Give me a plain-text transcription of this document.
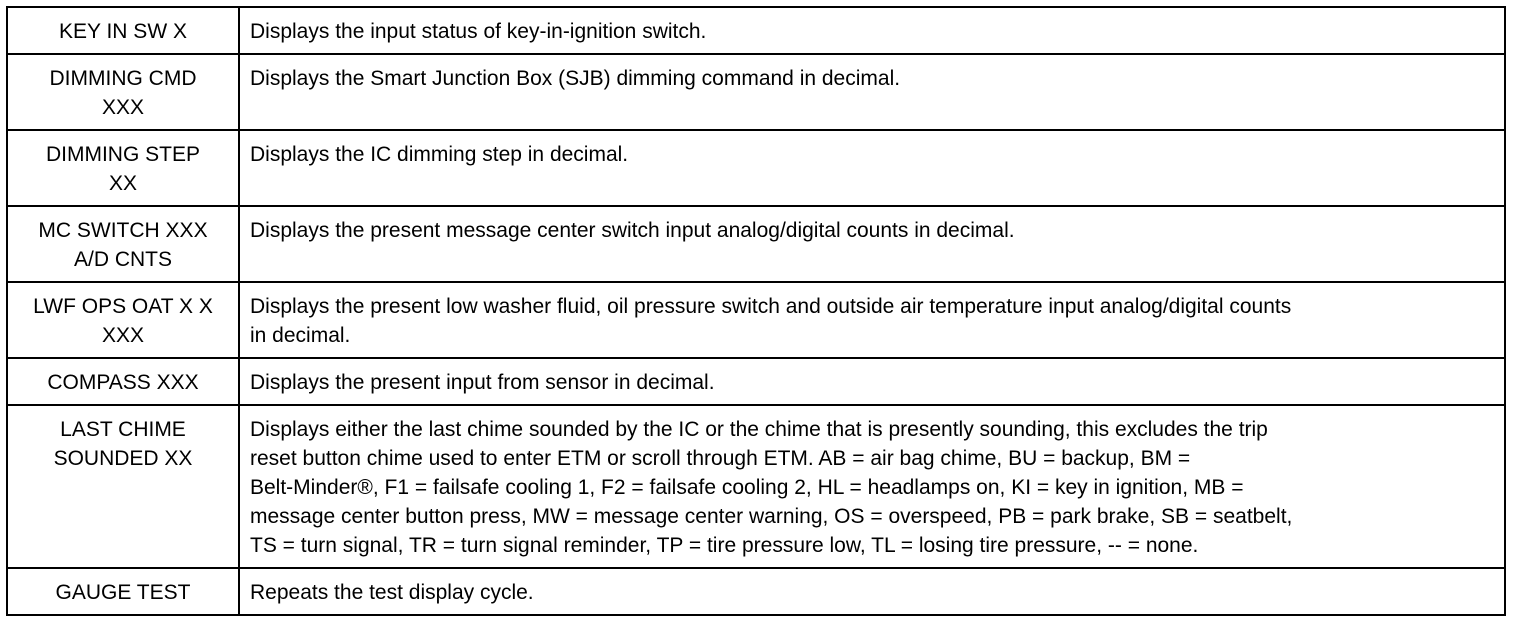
KEY IN SW X	Displays the input status of key-in-ignition switch.

DIMMING CMD
XXX	Displays the Smart Junction Box (SJB) dimming command in decimal.

DIMMING STEP
XX	Displays the IC dimming step in decimal.

MC SWITCH XXX
A/D CNTS	Displays the present message center switch input analog/digital counts in decimal.

LWF OPS OAT X X
XXX	Displays the present low washer fluid, oil pressure switch and outside air temperature input analog/digital counts
in decimal.

COMPASS XXX	Displays the present input from sensor in decimal.

LAST CHIME
SOUNDED XX	Displays either the last chime sounded by the IC or the chime that is presently sounding, this excludes the trip
reset button chime used to enter ETM or scroll through ETM. AB = air bag chime, BU = backup, BM =
Belt-Minder®, F1 = failsafe cooling 1, F2 = failsafe cooling 2, HL = headlamps on, KI = key in ignition, MB =
message center button press, MW = message center warning, OS = overspeed, PB = park brake, SB = seatbelt,
TS = turn signal, TR = turn signal reminder, TP = tire pressure low, TL = losing tire pressure, -- = none.

GAUGE TEST	Repeats the test display cycle.
